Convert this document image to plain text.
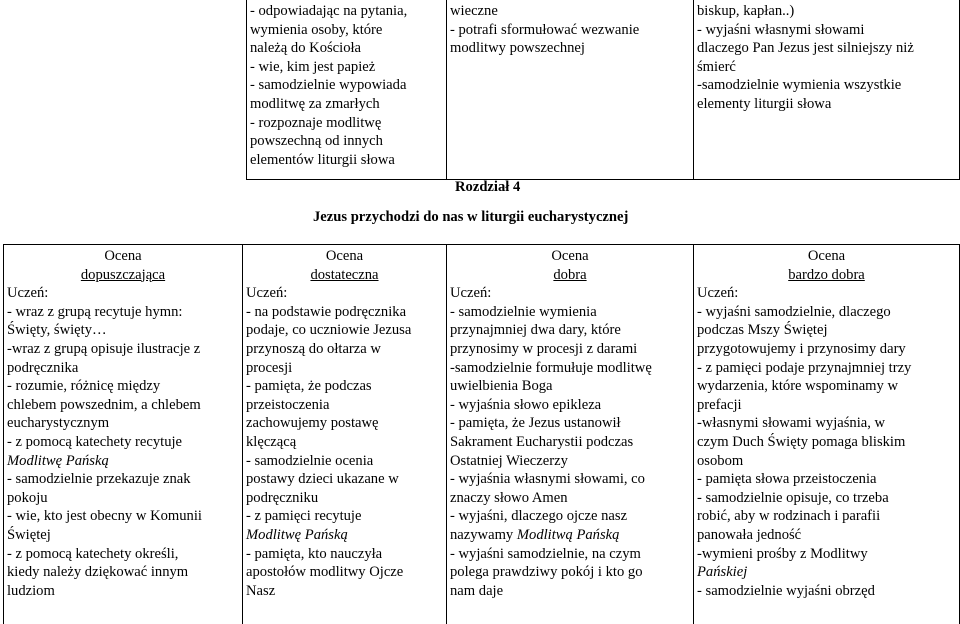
- odpowiadając na pytania,
wymienia osoby, które
należą do Kościoła
- wie, kim jest papież
- samodzielnie wypowiada
modlitwę za zmarłych
- rozpoznaje modlitwę
powszechną od innych
elementów liturgii słowa
wieczne
- potrafi sformułować wezwanie
modlitwy powszechnej
biskup, kapłan..)
- wyjaśni własnymi słowami
dlaczego Pan Jezus jest silniejszy niż
śmierć
-samodzielnie wymienia wszystkie
elementy liturgii słowa
Rozdział 4
Jezus przychodzi do nas w liturgii eucharystycznej
Ocena
dopuszczająca
Uczeń:
- wraz z grupą recytuje hymn:
Święty, święty…
-wraz z grupą opisuje ilustracje z
podręcznika
- rozumie, różnicę między
chlebem powszednim, a chlebem
eucharystycznym
- z pomocą katechety recytuje
Modlitwę Pańską
- samodzielnie przekazuje znak
pokoju
- wie, kto jest obecny w Komunii
Świętej
- z pomocą katechety określi,
kiedy należy dziękować innym
ludziom
Ocena
dostateczna
Uczeń:
- na podstawie podręcznika
podaje, co uczniowie Jezusa
przynoszą do ołtarza w
procesji
- pamięta, że podczas
przeistoczenia
zachowujemy postawę
klęczącą
- samodzielnie ocenia
postawy dzieci ukazane w
podręczniku
- z pamięci recytuje
Modlitwę Pańską
- pamięta, kto nauczyła
apostołów modlitwy Ojcze
Nasz
Ocena
dobra
Uczeń:
- samodzielnie wymienia
przynajmniej dwa dary, które
przynosimy w procesji z darami
-samodzielnie formułuje modlitwę
uwielbienia Boga
- wyjaśnia słowo epikleza
- pamięta, że Jezus ustanowił
Sakrament Eucharystii podczas
Ostatniej Wieczerzy
- wyjaśnia własnymi słowami, co
znaczy słowo Amen
- wyjaśni, dlaczego ojcze nasz
nazywamy Modlitwą Pańską
- wyjaśni samodzielnie, na czym
polega prawdziwy pokój i kto go
nam daje
Ocena
bardzo dobra
Uczeń:
- wyjaśni samodzielnie, dlaczego
podczas Mszy Świętej
przygotowujemy i przynosimy dary
- z pamięci podaje przynajmniej trzy
wydarzenia, które wspominamy w
prefacji
-własnymi słowami wyjaśnia, w
czym Duch Święty pomaga bliskim
osobom
- pamięta słowa przeistoczenia
- samodzielnie opisuje, co trzeba
robić, aby w rodzinach i parafii
panowała jedność
-wymieni prośby z Modlitwy
Pańskiej
- samodzielnie wyjaśni obrzęd
